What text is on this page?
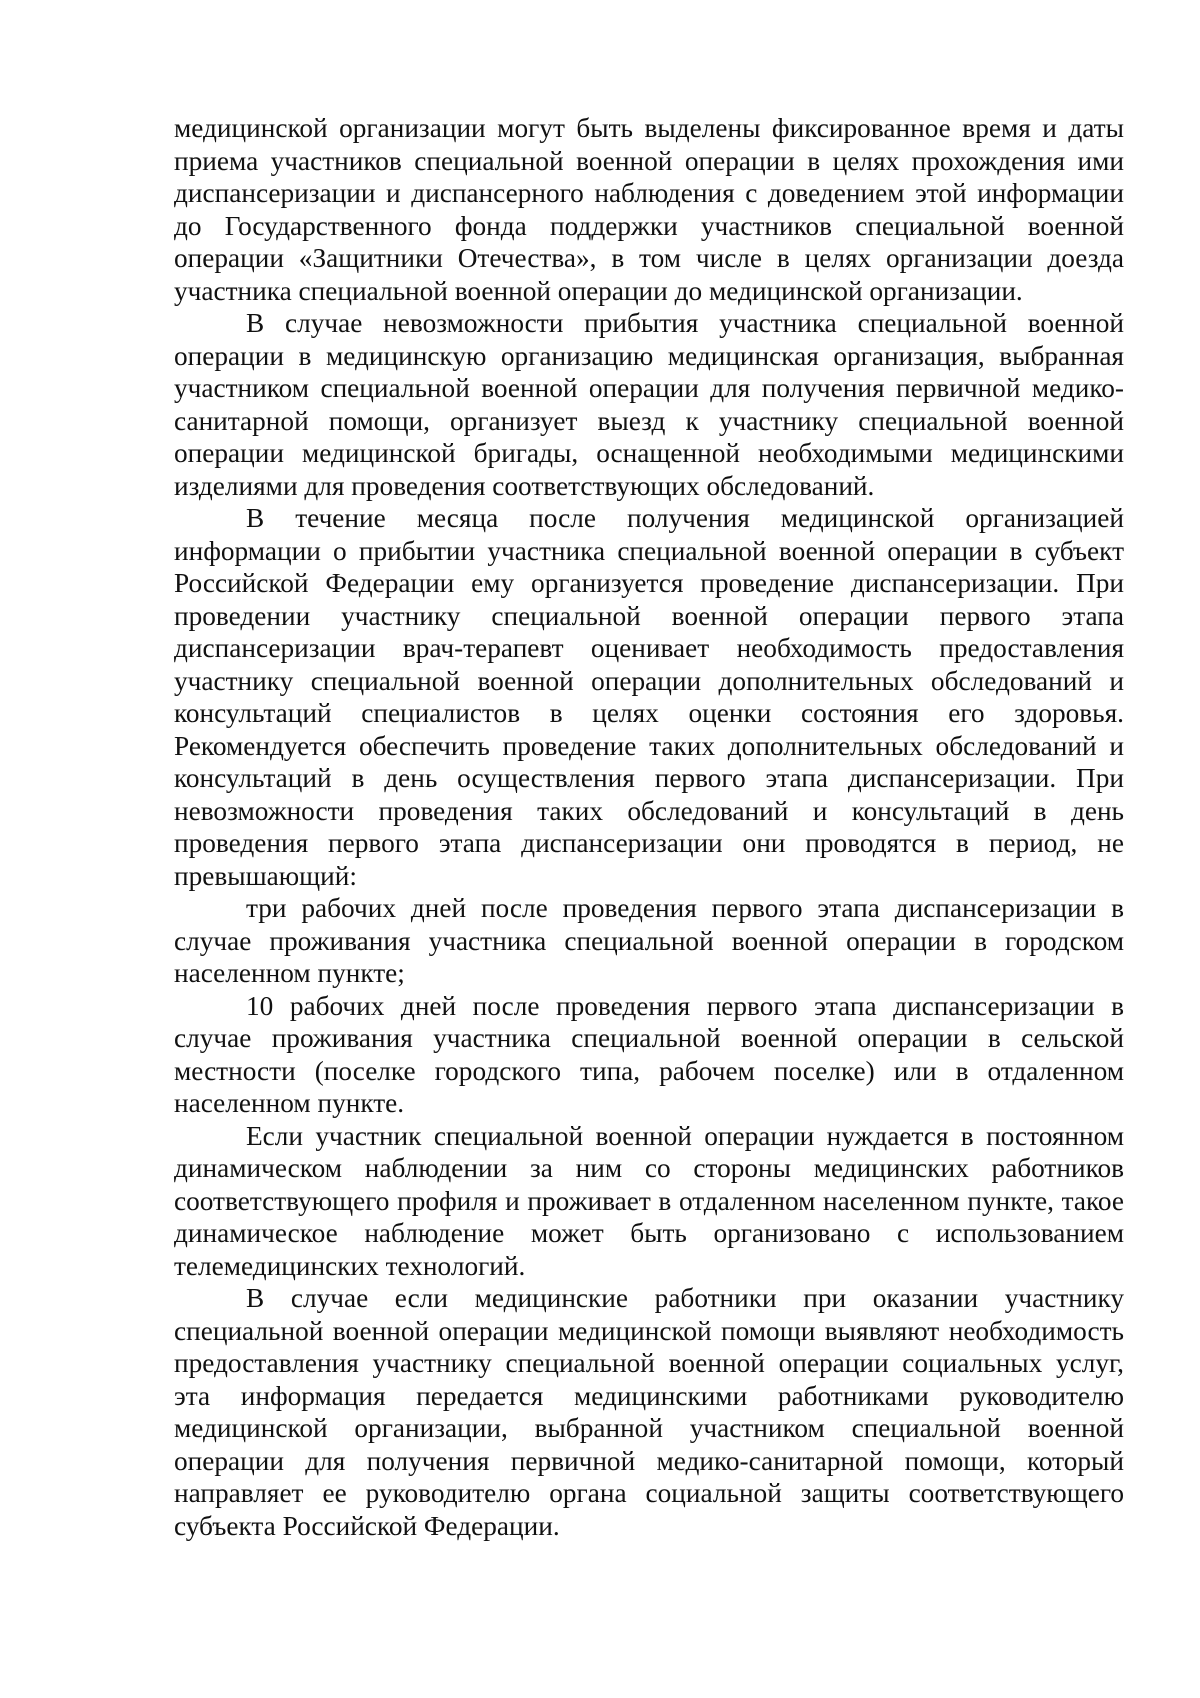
медицинской организации могут быть выделены фиксированное время и даты приема участников специальной военной операции в целях прохождения ими диспансеризации и диспансерного наблюдения с доведением этой информации до Государственного фонда поддержки участников специальной военной операции «Защитники Отечества», в том числе в целях организации доезда участника специальной военной операции до медицинской организации.

В случае невозможности прибытия участника специальной военной операции в медицинскую организацию медицинская организация, выбранная участником специальной военной операции для получения первичной медико-санитарной помощи, организует выезд к участнику специальной военной операции медицинской бригады, оснащенной необходимыми медицинскими изделиями для проведения соответствующих обследований.

В течение месяца после получения медицинской организацией информации о прибытии участника специальной военной операции в субъект Российской Федерации ему организуется проведение диспансеризации. При проведении участнику специальной военной операции первого этапа диспансеризации врач-терапевт оценивает необходимость предоставления участнику специальной военной операции дополнительных обследований и консультаций специалистов в целях оценки состояния его здоровья. Рекомендуется обеспечить проведение таких дополнительных обследований и консультаций в день осуществления первого этапа диспансеризации. При невозможности проведения таких обследований и консультаций в день проведения первого этапа диспансеризации они проводятся в период, не превышающий:

три рабочих дней после проведения первого этапа диспансеризации в случае проживания участника специальной военной операции в городском населенном пункте;

10 рабочих дней после проведения первого этапа диспансеризации в случае проживания участника специальной военной операции в сельской местности (поселке городского типа, рабочем поселке) или в отдаленном населенном пункте.

Если участник специальной военной операции нуждается в постоянном динамическом наблюдении за ним со стороны медицинских работников соответствующего профиля и проживает в отдаленном населенном пункте, такое динамическое наблюдение может быть организовано с использованием телемедицинских технологий.

В случае если медицинские работники при оказании участнику специальной военной операции медицинской помощи выявляют необходимость предоставления участнику специальной военной операции социальных услуг, эта информация передается медицинскими работниками руководителю медицинской организации, выбранной участником специальной военной операции для получения первичной медико-санитарной помощи, который направляет ее руководителю органа социальной защиты соответствующего субъекта Российской Федерации.
